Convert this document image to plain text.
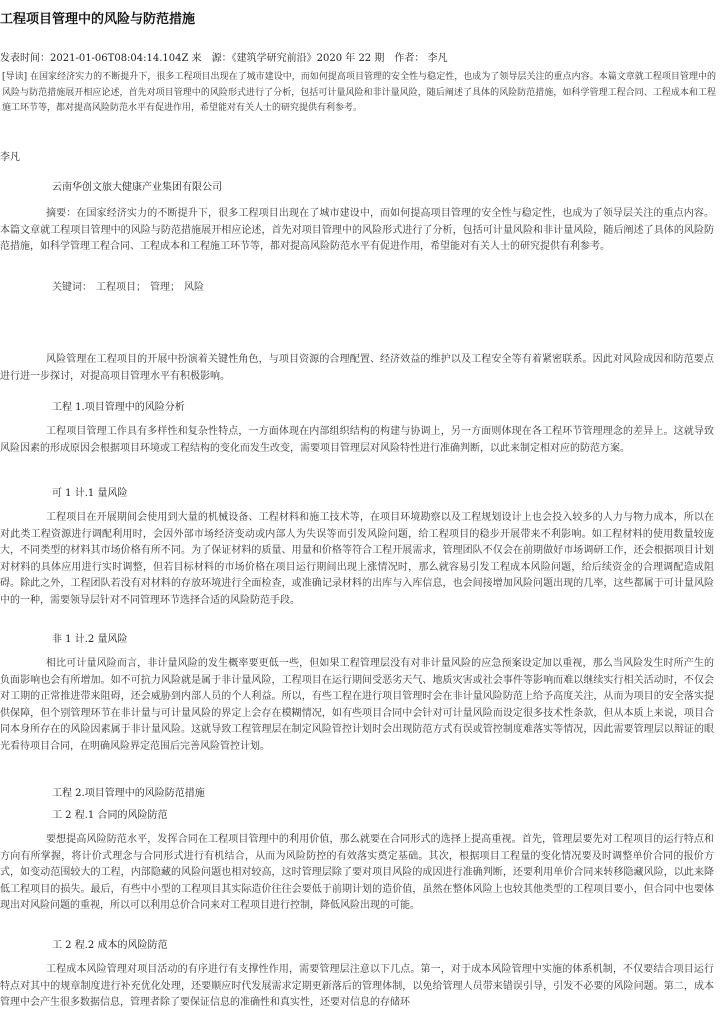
工程项目管理中的风险与防范措施
发表时间：2021-01-06T08:04:14.104Z 来 源：《建筑学研究前沿》2020 年 22 期 作者： 李凡

[导读] 在国家经济实力的不断提升下，很多工程项目出现在了城市建设中，而如何提高项目管理的安全性与稳定性，也成为了领导层关注的重点内容。本篇文章就工程项目管理中的风险与防范措施展开相应论述，首先对项目管理中的风险形式进行了分析，包括可计量风险和非计量风险，随后阐述了具体的风险防范措施，如科学管理工程合同、工程成本和工程施工环节等，都对提高风险防范水平有促进作用，希望能对有关人士的研究提供有利参考。

李凡
云南华创文旅大健康产业集团有限公司

摘要：在国家经济实力的不断提升下，很多工程项目出现在了城市建设中，而如何提高项目管理的安全性与稳定性，也成为了领导层关注的重点内容。本篇文章就工程项目管理中的风险与防范措施展开相应论述，首先对项目管理中的风险形式进行了分析，包括可计量风险和非计量风险，随后阐述了具体的风险防范措施，如科学管理工程合同、工程成本和工程施工环节等，都对提高风险防范水平有促进作用，希望能对有关人士的研究提供有利参考。

关键词： 工程项目； 管理； 风险

风险管理在工程项目的开展中扮演着关键性角色，与项目资源的合理配置、经济效益的维护以及工程安全等有着紧密联系。因此对风险成因和防范要点进行进一步探讨，对提高项目管理水平有积极影响。

工程 1.项目管理中的风险分析

工程项目管理工作具有多样性和复杂性特点，一方面体现在内部组织结构的构建与协调上，另一方面则体现在各工程环节管理理念的差异上。这就导致风险因素的形成原因会根据项目环境或工程结构的变化而发生改变，需要项目管理层对风险特性进行准确判断，以此来制定相对应的防范方案。

可 1 计.1 量风险

工程项目在开展期间会使用到大量的机械设备、工程材料和施工技术等，在项目环境勘察以及工程规划设计上也会投入较多的人力与物力成本，所以在对此类工程资源进行调配利用时，会因外部市场经济变动或内部人为失误等而引发风险问题，给工程项目的稳步开展带来不利影响。如工程材料的使用数量较庞大，不同类型的材料其市场价格有所不同。为了保证材料的质量、用量和价格等符合工程开展需求，管理团队不仅会在前期做好市场调研工作，还会根据项目计划对材料的具体应用进行实时调整，但若目标材料的市场价格在项目运行期间出现上涨情况时，那么就容易引发工程成本风险问题，给后续资金的合理调配造成阻碍。除此之外，工程团队若没有对材料的存放环境进行全面检查，或准确记录材料的出库与入库信息，也会间接增加风险问题出现的几率，这些都属于可计量风险中的一种，需要领导层针对不同管理环节选择合适的风险防范手段。

非 1 计.2 量风险

相比可计量风险而言，非计量风险的发生概率要更低一些，但如果工程管理层没有对非计量风险的应急预案设定加以重视，那么当风险发生时所产生的负面影响也会有所增加。如不可抗力风险就是属于非计量风险，工程项目在运行期间受恶劣天气、地质灾害或社会事件等影响而难以继续实行相关活动时，不仅会对工期的正常推进带来阻碍，还会威胁到内部人员的个人利益。所以，有些工程在进行项目管理时会在非计量风险防范上给予高度关注，从而为项目的安全落实提供保障，但个别管理环节在非计量与可计量风险的界定上会存在模糊情况，如有些项目合同中会针对可计量风险而设定很多技术性条款，但从本质上来说，项目合同本身所存在的风险因素属于非计量风险。这就导致工程管理层在制定风险管控计划时会出现防范方式有误或管控制度难落实等情况，因此需要管理层以辩证的眼光看待项目合同，在明确风险界定范围后完善风险管控计划。

工程 2.项目管理中的风险防范措施
工 2 程.1 合同的风险防范

要想提高风险防范水平，发挥合同在工程项目管理中的利用价值，那么就要在合同形式的选择上提高重视。首先，管理层要先对工程项目的运行特点和方向有所掌握，将计价式理念与合同形式进行有机结合，从而为风险防控的有效落实奠定基础。其次，根据项目工程量的变化情况要及时调整单价合同的报价方式，如变动范围较大的工程，内部隐藏的风险问题也相对较高，这时管理层除了要对项目风险的成因进行准确判断，还要利用单价合同来转移隐藏风险，以此来降低工程项目的损失。最后，有些中小型的工程项目其实际造价往往会要低于前期计划的造价值，虽然在整体风险上也较其他类型的工程项目要小，但合同中也要体现出对风险问题的重视，所以可以利用总价合同来对工程项目进行控制，降低风险出现的可能。

工 2 程.2 成本的风险防范

工程成本风险管理对项目活动的有序进行有支撑性作用，需要管理层注意以下几点。第一，对于成本风险管理中实施的体系机制，不仅要结合项目运行特点对其中的规章制度进行补充优化处理，还要顺应时代发展需求定期更新落后的管理体制，以免给管理人员带来错误引导，引发不必要的风险问题。第二，成本管理中会产生很多数据信息，管理者除了要保证信息的准确性和真实性，还要对信息的存储环
